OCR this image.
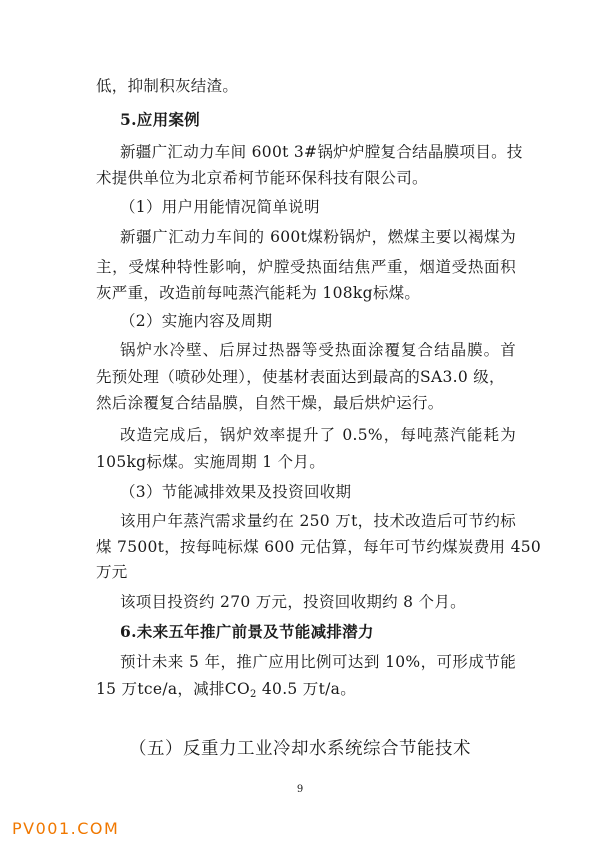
低，抑制积灰结渣。
5.应用案例
新疆广汇动力车间 600t 3#锅炉炉膛复合结晶膜项目。技
术提供单位为北京希柯节能环保科技有限公司。
（1）用户用能情况简单说明
新疆广汇动力车间的 600t煤粉锅炉，燃煤主要以褐煤为
主，受煤种特性影响，炉膛受热面结焦严重，烟道受热面积
灰严重，改造前每吨蒸汽能耗为 108kg标煤。
（2）实施内容及周期
锅炉水冷壁、后屏过热器等受热面涂覆复合结晶膜。首
先预处理（喷砂处理），使基材表面达到最高的SA3.0 级，
然后涂覆复合结晶膜，自然干燥，最后烘炉运行。
改造完成后，锅炉效率提升了 0.5%，每吨蒸汽能耗为
105kg标煤。实施周期 1 个月。
（3）节能减排效果及投资回收期
该用户年蒸汽需求量约在 250 万t，技术改造后可节约标
煤 7500t，按每吨标煤 600 元估算，每年可节约煤炭费用 450
万元
该项目投资约 270 万元，投资回收期约 8 个月。
6.未来五年推广前景及节能减排潜力
预计未来 5 年，推广应用比例可达到 10%，可形成节能
15 万tce/a，减排$CO_2$ 40.5 万t/a。
（五）反重力工业冷却水系统综合节能技术
9
PV001.COM
